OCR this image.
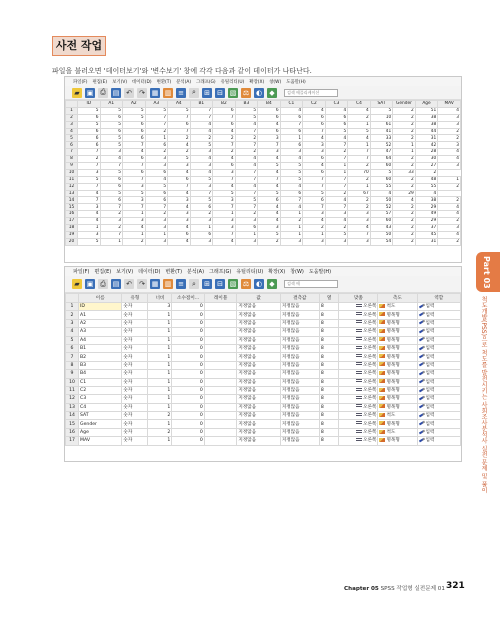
사전 작업
파일을 불러오면 '데이터보기'와 '변수보기' 창에 각각 다음과 같이 데이터가 나타난다.
파일(F) 편집(E) 보기(V) 데이터(D) 변환(T) 분석(A) 그래프(G) 유틸리티(U) 확장(X) 창(W) 도움말(H)
▰	▣ ⎙ ▤ ↶ ↷ ▦ ▥ ≡	⌕	⊞ ⊟ ▧ ⚖ ◐	◆	검색 애플리케이션
	ID	A1	A2	A3	A4	B1	B2	B3	B4	C1	C2	C3	C4	SAT	Gender	Age	MAV
1	5	5	5	5	5	7	6	5	6	4	4	4	4	5	2	51	4
2	6	6	5	7	7	7	7	5	6	6	6	6	2	10	2	38	3
3	5	5	6	7	6	4	6	4	4	7	6	6	1	61	2	38	3
4	6	6	6	2	7	4	4	7	6	6	7	5	5	41	2	44	2
5	6	5	6	1	2	2	2	2	3	1	4	4	4	33	2	31	2
6	6	5	7	6	4	5	7	7	7	6	3	7	1	52	1	42	3
7	7	3	4	2	2	3	2	2	3	3	3	2	7	47	1	28	4
8	2	4	6	3	5	4	4	4	4	4	6	7	7	64	2	30	4
9	7	7	7	3	3	3	6	4	5	5	4	1	2	60	2	27	3
10	3	5	6	6	4	4	3	7	4	5	6	1	70	5	33	2	
11	5	6	7	4	6	5	7	7	7	5	7	7	2	60	2	48	1
12	7	6	3	5	7	3	4	4	4	4	7	7	1	55	2	55	2
13	4	5	5	6	4	7	5	7	5	6	5	2	67	4	29	4	
14	7	6	3	6	3	5	3	5	6	7	6	4	2	50	4	38	2
15	3	7	7	7	4	6	7	7	4	4	7	7	2	52	2	29	4
16	4	2	1	2	3	2	1	2	4	1	3	3	3	57	2	49	4
17	4	3	3	3	3	3	3	3	4	2	4	4	3	60	2	29	2
18	1	2	4	3	4	1	3	6	3	1	2	2	4	43	2	37	3
19	3	7	1	1	6	6	7	1	5	1	1	5	7	50	2	45	4
20	5	1	2	3	4	3	4	3	2	3	3	3	3	54	2	31	2
파일(F) 편집(E) 보기(V) 데이터(D) 변환(T) 분석(A) 그래프(G) 유틸리티(U) 확장(X) 창(W) 도움말(H)
▰	▣ ⎙ ▤ ↶ ↷ ▦ ▥ ≡	⌕	⊞ ⊟ ▧ ⚖ ◐	◆	검색 애
	이름	유형	너비	소수점이...	레이블	값	결측값	열	맞춤	측도	역할
1	ID	숫자	3	0		지정않음	지정않음	8	오른쪽	척도	입력
2	A1	숫자	1	0		지정않음	지정않음	8	오른쪽	명목형	입력
3	A2	숫자	1	0		지정않음	지정않음	8	오른쪽	명목형	입력
4	A3	숫자	1	0		지정않음	지정않음	8	오른쪽	명목형	입력
5	A4	숫자	1	0		지정않음	지정않음	8	오른쪽	명목형	입력
6	B1	숫자	1	0		지정않음	지정않음	8	오른쪽	명목형	입력
7	B2	숫자	1	0		지정않음	지정않음	8	오른쪽	명목형	입력
8	B3	숫자	1	0		지정않음	지정않음	8	오른쪽	명목형	입력
9	B4	숫자	1	0		지정않음	지정않음	8	오른쪽	명목형	입력
10	C1	숫자	1	0		지정않음	지정않음	8	오른쪽	명목형	입력
11	C2	숫자	1	0		지정않음	지정않음	8	오른쪽	명목형	입력
12	C3	숫자	1	0		지정않음	지정않음	8	오른쪽	명목형	입력
13	C4	숫자	1	0		지정않음	지정않음	8	오른쪽	명목형	입력
14	SAT	숫자	2	0		지정않음	지정않음	8	오른쪽	척도	입력
15	Gender	숫자	1	0		지정않음	지정않음	8	오른쪽	명목형	입력
16	Age	숫자	2	0		지정않음	지정않음	8	오른쪽	척도	입력
17	MAV	숫자	1	0		지정않음	지정않음	8	오른쪽	명목형	입력
Part 03
척도개발(PSS)으로 척도를 발전시키는 사회조사분석사 실전 문제 및 풀이
Chapter 05 SPSS 작업형 실전문제 01 321
